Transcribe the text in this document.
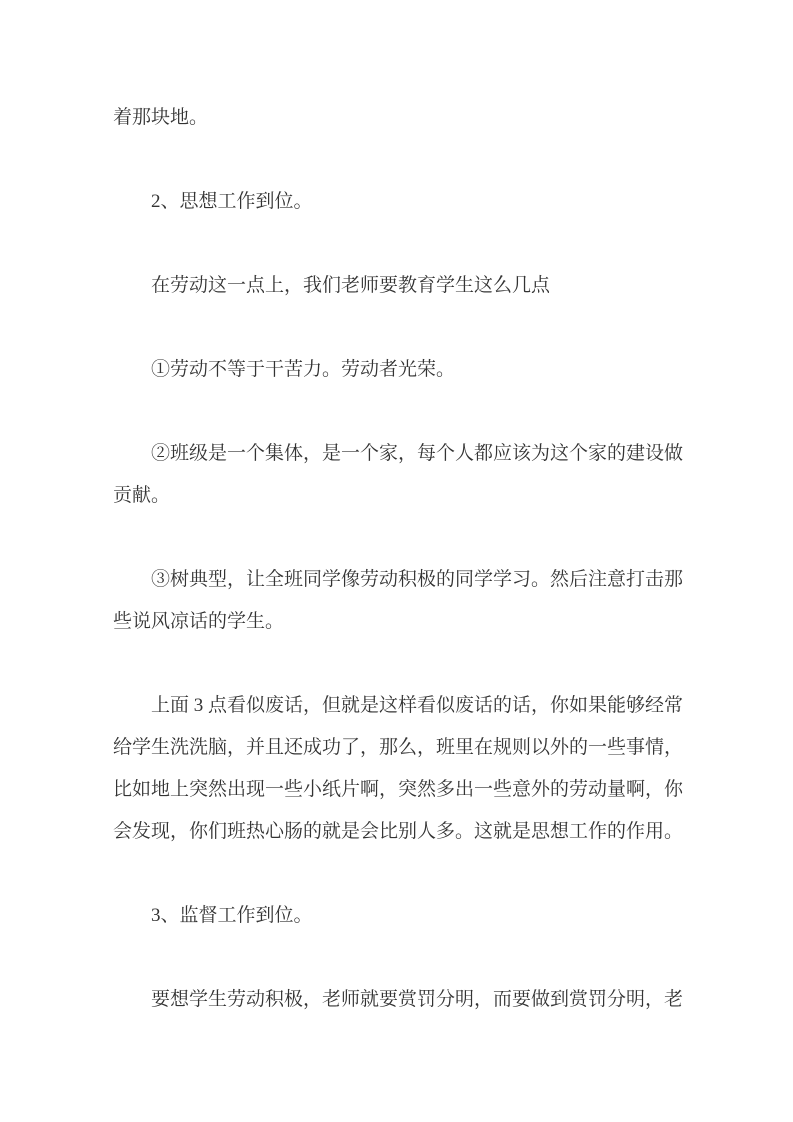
着那块地。

2、思想工作到位。

在劳动这一点上，我们老师要教育学生这么几点

①劳动不等于干苦力。劳动者光荣。

②班级是一个集体，是一个家，每个人都应该为这个家的建设做贡献。

③树典型，让全班同学像劳动积极的同学学习。然后注意打击那些说风凉话的学生。

上面 3 点看似废话，但就是这样看似废话的话，你如果能够经常给学生洗洗脑，并且还成功了，那么，班里在规则以外的一些事情，比如地上突然出现一些小纸片啊，突然多出一些意外的劳动量啊，你会发现，你们班热心肠的就是会比别人多。这就是思想工作的作用。

3、监督工作到位。

要想学生劳动积极，老师就要赏罚分明，而要做到赏罚分明，老
